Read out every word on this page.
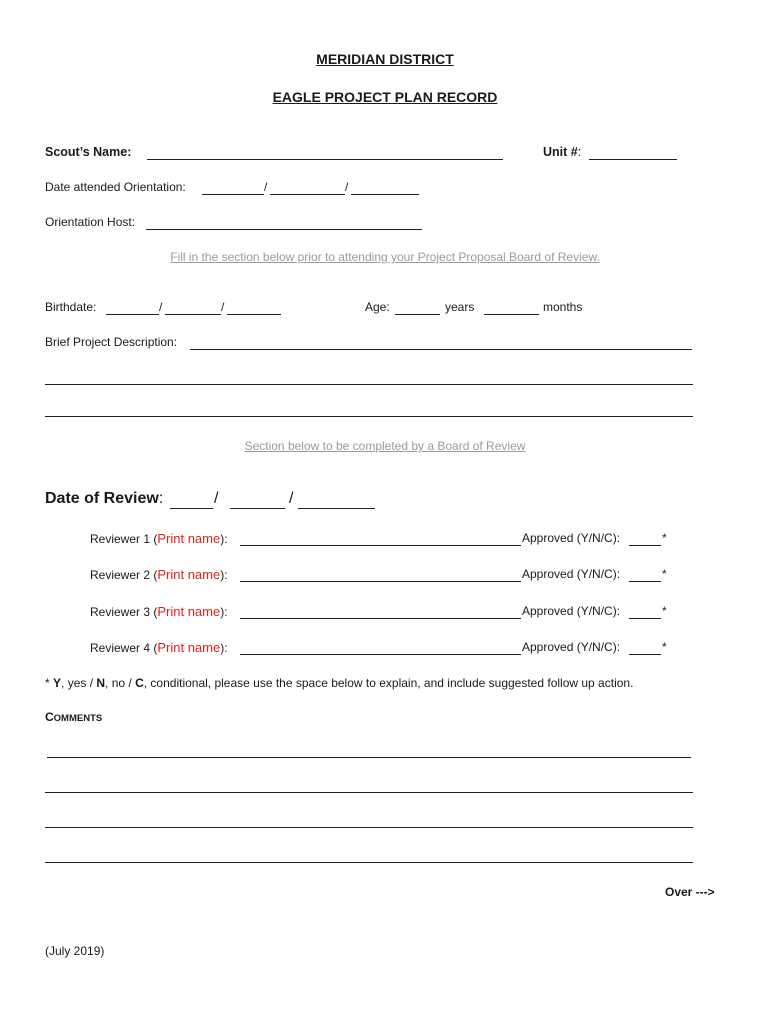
MERIDIAN DISTRICT
EAGLE PROJECT PLAN RECORD
Scout’s Name:	Unit #:
Date attended Orientation:	/	/
Orientation Host:
Fill in the section below prior to attending your Project Proposal Board of Review.
Birthdate:	/	/	Age:	years	months
Brief Project Description:
Section below to be completed by a Board of Review
Date of Review:	/	/
Reviewer 1 (Print name):	Approved (Y/N/C):	*
Reviewer 2 (Print name):	Approved (Y/N/C):	*
Reviewer 3 (Print name):	Approved (Y/N/C):	*
Reviewer 4 (Print name):	Approved (Y/N/C):	*
* Y, yes / N, no / C, conditional, please use the space below to explain, and include suggested follow up action.
COMMENTS
Over --->
(July 2019)
